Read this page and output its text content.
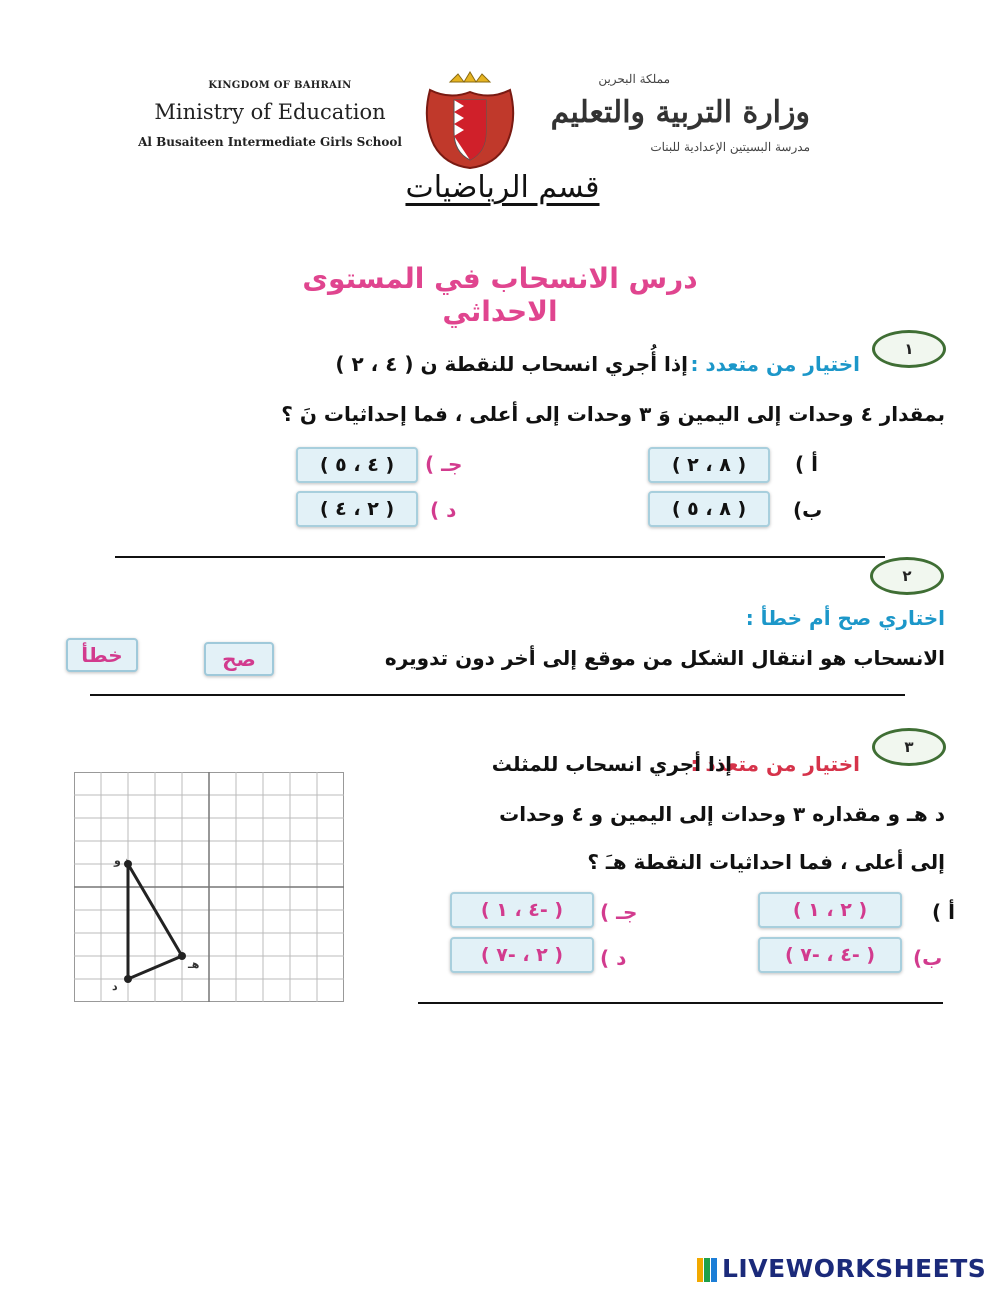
KINGDOM OF BAHRAIN
Ministry of Education
Al Busaiteen Intermediate Girls School
مملكة البحرين
وزارة التربية والتعليم
مدرسة البسيتين الإعدادية للبنات
قسم الرياضيات
درس الانسحاب في المستوى الاحداثي
١
اختيار من متعدد :
إذا أُجري انسحاب للنقطة ن ( ٤ ، ٢ )
بمقدار ٤ وحدات إلى اليمين وَ ٣ وحدات إلى أعلى ، فما إحداثيات نَ ؟
أ )
( ٨ ، ٢ )
جـ )
( ٤ ، ٥ )
ب)
( ٨ ، ٥ )
د )
( ٢ ، ٤ )
٢
اختاري صح أم خطأ :
الانسحاب هو انتقال الشكل من موقع إلى أخر دون تدويره
صح
خطأ
٣
اختيار من متعدد :
إذا أجري انسحاب للمثلث
د هـ و مقداره ٣ وحدات إلى اليمين و ٤ وحدات
إلى أعلى ، فما احداثيات النقطة هـَ ؟
أ )
( ٢ ، ١ )
جـ )
( -٤ ، ١ )
ب)
( -٤ ، -٧ )
د )
( ٢ ، -٧ )
و
هـ
د
LIVEWORKSHEETS
